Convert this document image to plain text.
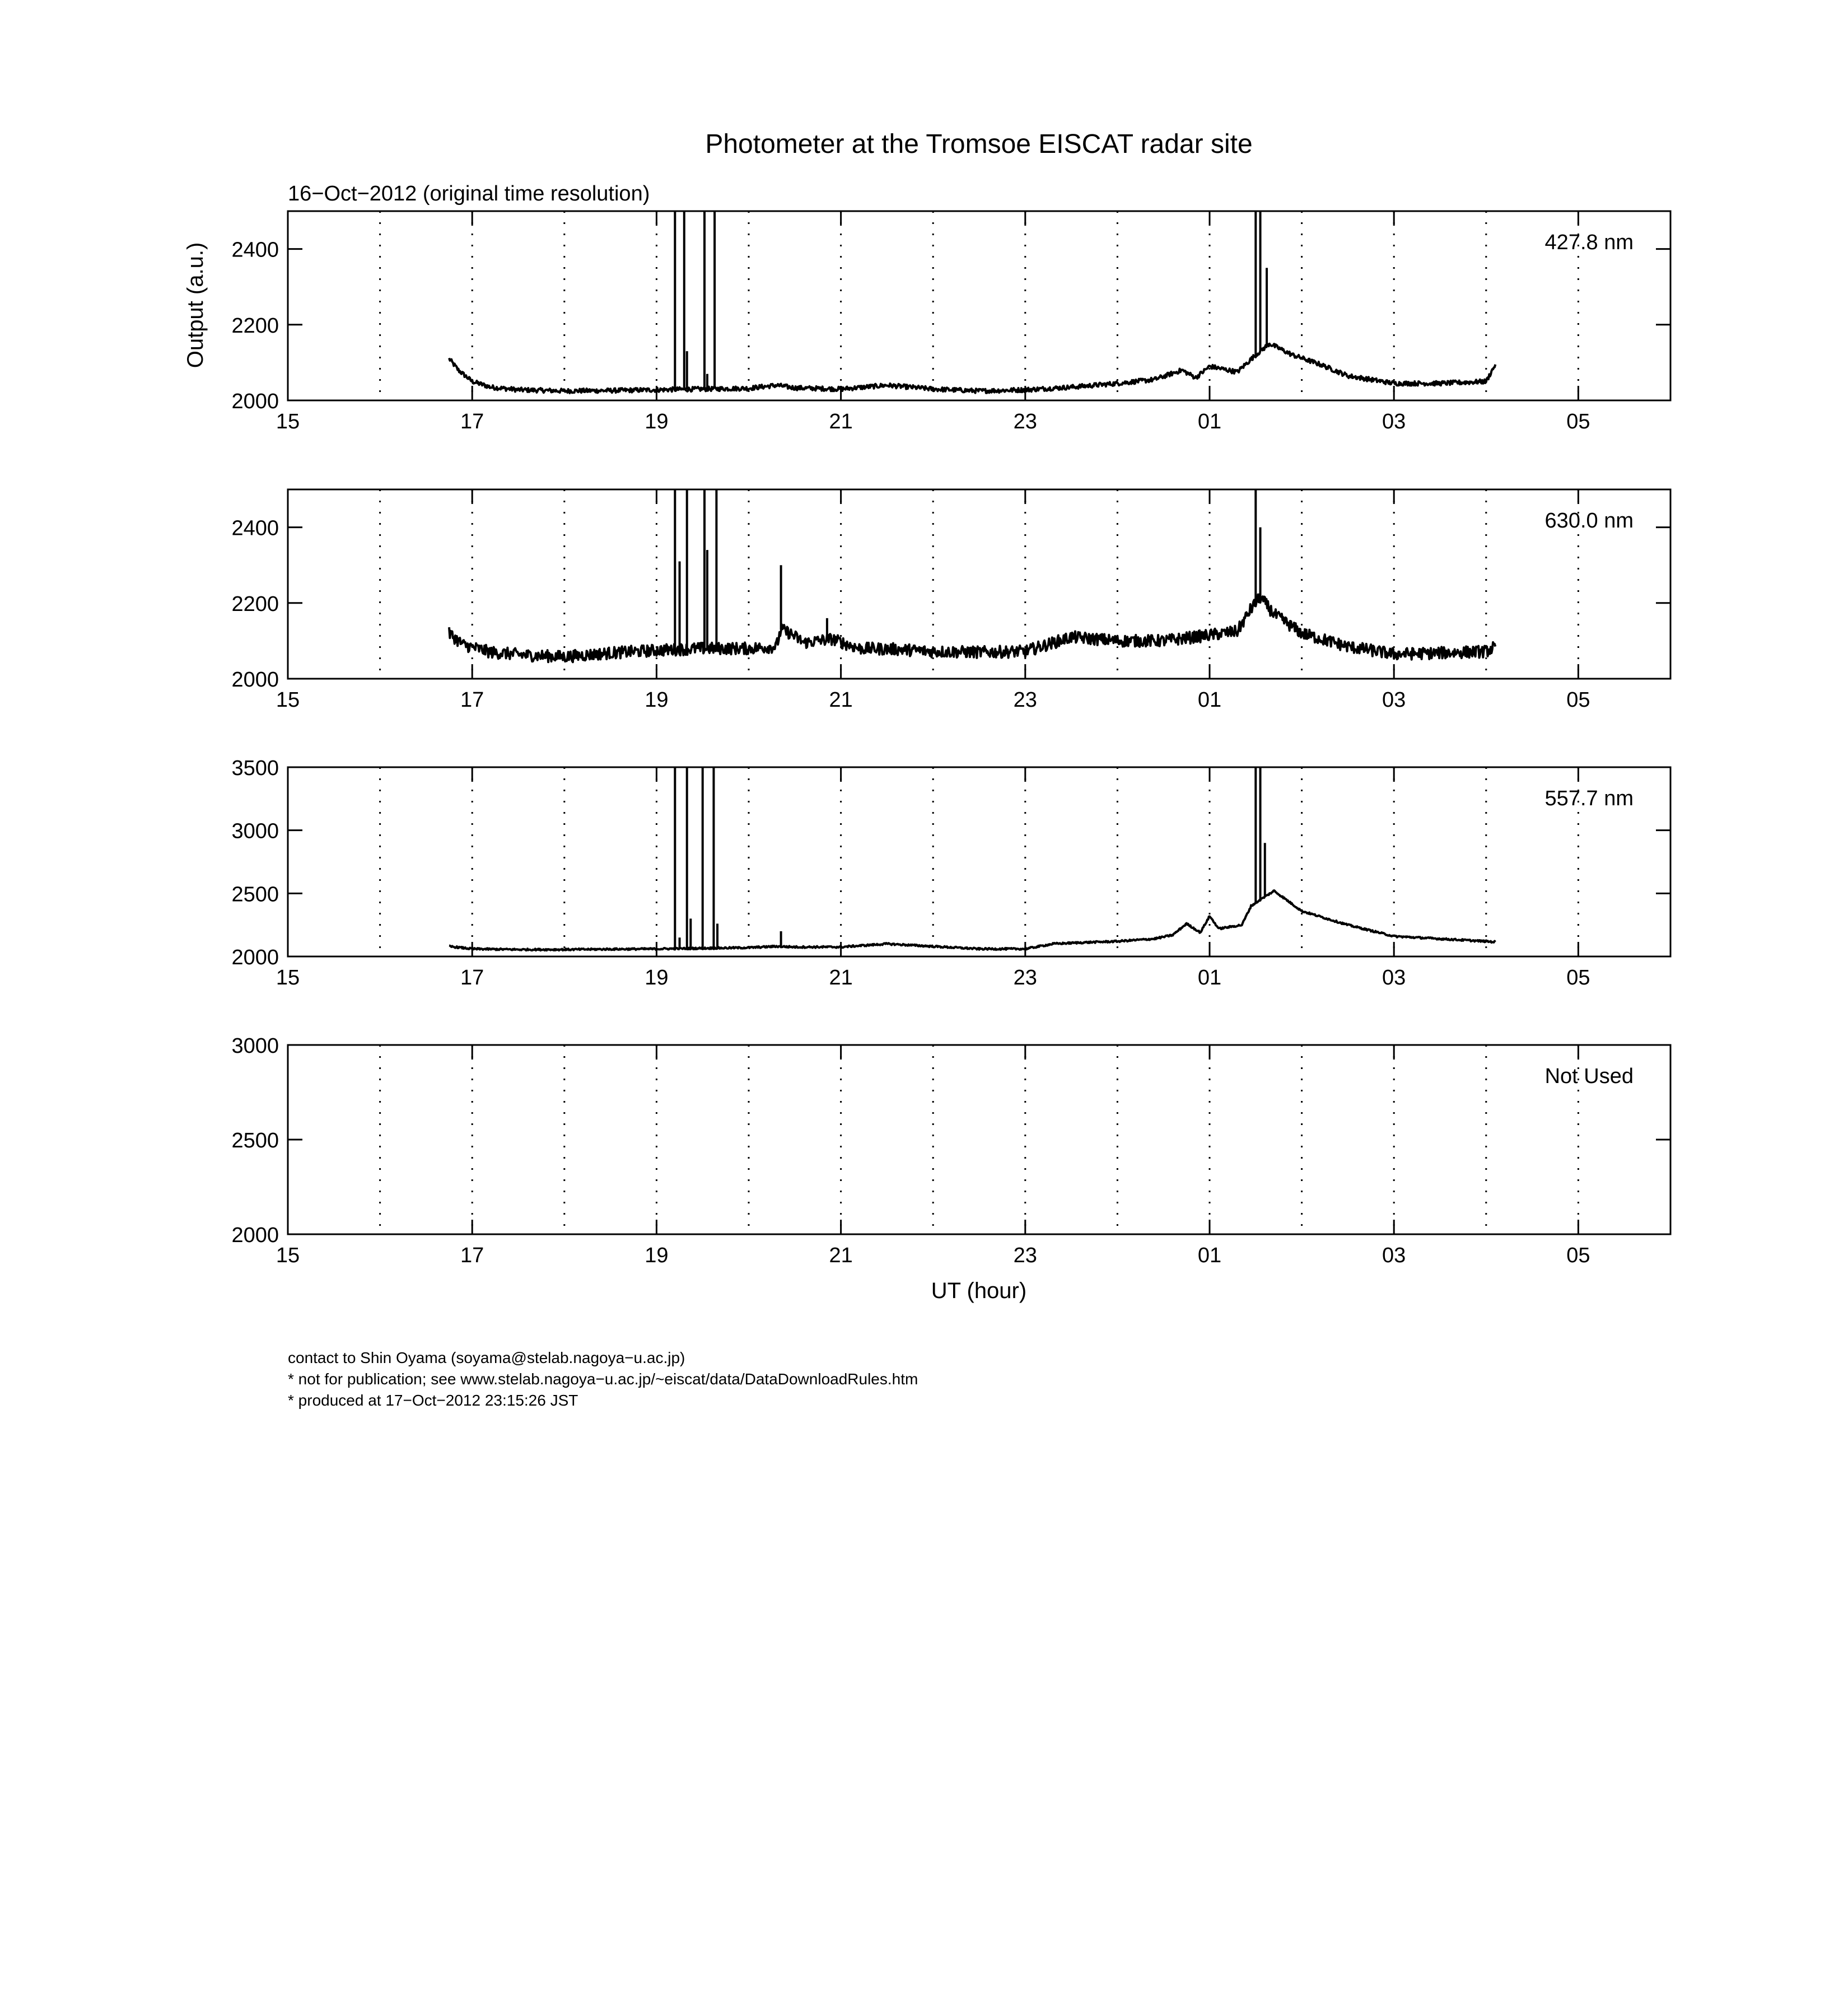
Photometer at the Tromsoe EISCAT radar site
16−Oct−2012 (original time resolution)
Output (a.u.)
UT (hour)
15	17	19	21	23	01	03	05
2000
2200
2400	427.8 nm
15	17	19	21	23	01	03	05
2000
2200
2400	630.0 nm
15	17	19	21	23	01	03	05
2000
2500
3000
3500
557.7 nm
15	17	19	21	23	01	03	05
2000
2500
3000
Not Used
contact to Shin Oyama (soyama@stelab.nagoya−u.ac.jp)
* not for publication; see www.stelab.nagoya−u.ac.jp/~eiscat/data/DataDownloadRules.htm
* produced at 17−Oct−2012 23:15:26 JST
